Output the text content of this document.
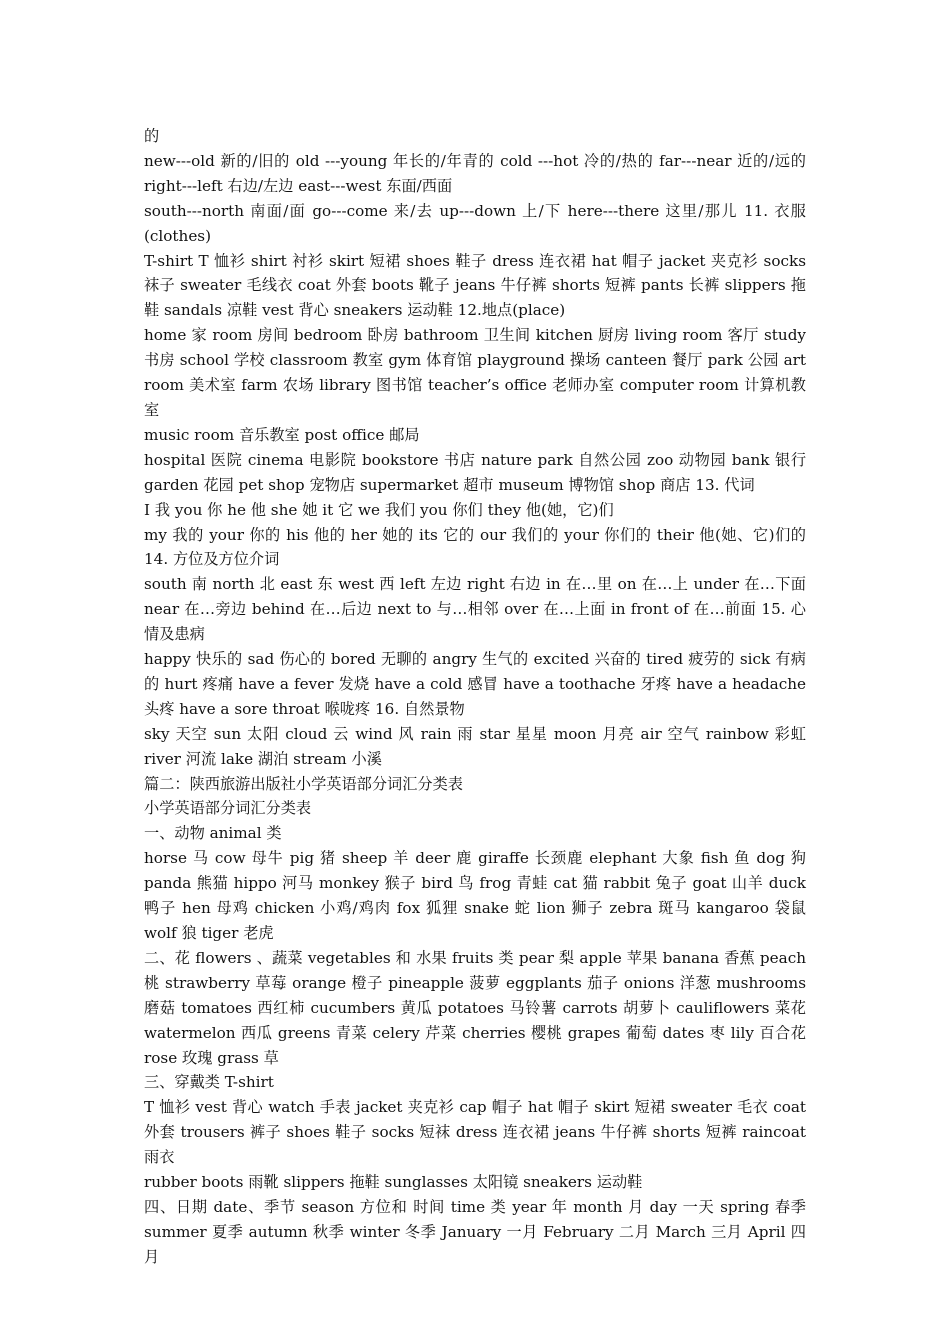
的

new---old 新的/旧的 old ---young 年长的/年青的 cold ---hot 冷的/热的 far---near 近的/远的 right---left 右边/左边 east---west 东面/西面

south---north 南面/面 go---come 来/去 up---down 上/下 here---there 这里/那儿 11. 衣服(clothes)

T-shirt T 恤衫 shirt 衬衫 skirt 短裙 shoes 鞋子 dress 连衣裙 hat 帽子 jacket 夹克衫 socks 袜子 sweater 毛线衣 coat 外套 boots 靴子 jeans 牛仔裤 shorts 短裤 pants 长裤 slippers 拖鞋 sandals 凉鞋 vest 背心 sneakers 运动鞋 12.地点(place)

home 家 room 房间 bedroom 卧房 bathroom 卫生间 kitchen 厨房 living room 客厅 study 书房 school 学校 classroom 教室 gym 体育馆 playground 操场 canteen 餐厅 park 公园 art room 美术室 farm 农场 library 图书馆 teacher’s office 老师办室 computer room 计算机教室

music room 音乐教室 post office 邮局

hospital 医院 cinema 电影院 bookstore 书店 nature park 自然公园 zoo 动物园 bank 银行 garden 花园 pet shop 宠物店 supermarket 超市 museum 博物馆 shop 商店 13. 代词

I 我 you 你 he 他 she 她 it 它 we 我们 you 你们 they 他(她，它)们

my 我的 your 你的 his 他的 her 她的 its 它的 our 我们的 your 你们的 their 他(她、它)们的 14. 方位及方位介词

south 南 north 北 east 东 west 西 left 左边 right 右边 in 在…里 on 在…上 under 在…下面 near 在…旁边 behind 在…后边 next to 与…相邻 over 在…上面 in front of 在…前面 15. 心情及患病

happy 快乐的 sad 伤心的 bored 无聊的 angry 生气的 excited 兴奋的 tired 疲劳的 sick 有病的 hurt 疼痛 have a fever 发烧 have a cold 感冒 have a toothache 牙疼 have a headache 头疼 have a sore throat 喉咙疼 16. 自然景物

sky 天空 sun 太阳 cloud 云 wind 风 rain 雨 star 星星 moon 月亮 air 空气 rainbow 彩虹 river 河流 lake 湖泊 stream 小溪

篇二：陕西旅游出版社小学英语部分词汇分类表

小学英语部分词汇分类表

一、动物 animal 类

horse 马 cow 母牛 pig 猪 sheep 羊 deer 鹿 giraffe 长颈鹿 elephant 大象 fish 鱼 dog 狗 panda 熊猫 hippo 河马 monkey 猴子 bird 鸟 frog 青蛙 cat 猫 rabbit 兔子 goat 山羊 duck 鸭子 hen 母鸡 chicken 小鸡/鸡肉 fox 狐狸 snake 蛇 lion 狮子 zebra 斑马 kangaroo 袋鼠 wolf 狼 tiger 老虎

二、花 flowers 、蔬菜 vegetables 和 水果 fruits 类 pear 梨 apple 苹果 banana 香蕉 peach 桃 strawberry 草莓 orange 橙子 pineapple 菠萝 eggplants 茄子 onions 洋葱 mushrooms 磨菇 tomatoes 西红柿 cucumbers 黄瓜 potatoes 马铃薯 carrots 胡萝卜 cauliflowers 菜花 watermelon 西瓜 greens 青菜 celery 芹菜 cherries 樱桃 grapes 葡萄 dates 枣 lily 百合花 rose 玫瑰 grass 草

三、穿戴类 T-shirt

T 恤衫 vest 背心 watch 手表 jacket 夹克衫 cap 帽子 hat 帽子 skirt 短裙 sweater 毛衣 coat 外套 trousers 裤子 shoes 鞋子 socks 短袜 dress 连衣裙 jeans 牛仔裤 shorts 短裤 raincoat 雨衣

rubber boots 雨靴 slippers 拖鞋 sunglasses 太阳镜 sneakers 运动鞋

四、日期 date、季节 season 方位和 时间 time 类 year 年 month 月 day 一天 spring 春季 summer 夏季 autumn 秋季 winter 冬季 January 一月 February 二月 March 三月 April 四月
